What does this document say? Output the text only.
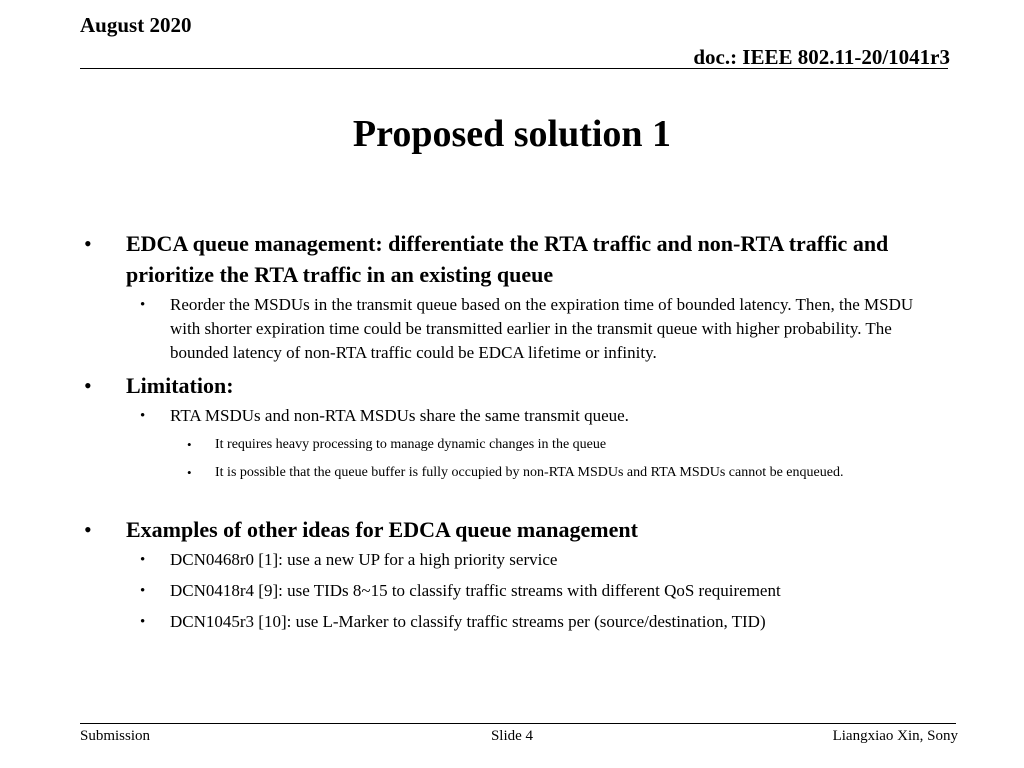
August 2020
doc.: IEEE 802.11-20/1041r3
Proposed solution 1
• EDCA queue management: differentiate the RTA traffic and non-RTA traffic and prioritize the RTA traffic in an existing queue
• Reorder the MSDUs in the transmit queue based on the expiration time of bounded latency. Then, the MSDU with shorter expiration time could be transmitted earlier in the transmit queue with higher probability. The bounded latency of non-RTA traffic could be EDCA lifetime or infinity.
• Limitation:
• RTA MSDUs and non-RTA MSDUs share the same transmit queue.
• It requires heavy processing to manage dynamic changes in the queue
• It is possible that the queue buffer is fully occupied by non-RTA MSDUs and RTA MSDUs cannot be enqueued.
• Examples of other ideas for EDCA queue management
• DCN0468r0 [1]: use a new UP for a high priority service
• DCN0418r4 [9]: use TIDs 8~15 to classify traffic streams with different QoS requirement
• DCN1045r3 [10]: use L-Marker to classify traffic streams per (source/destination, TID)
Submission	Slide 4	Liangxiao Xin, Sony
